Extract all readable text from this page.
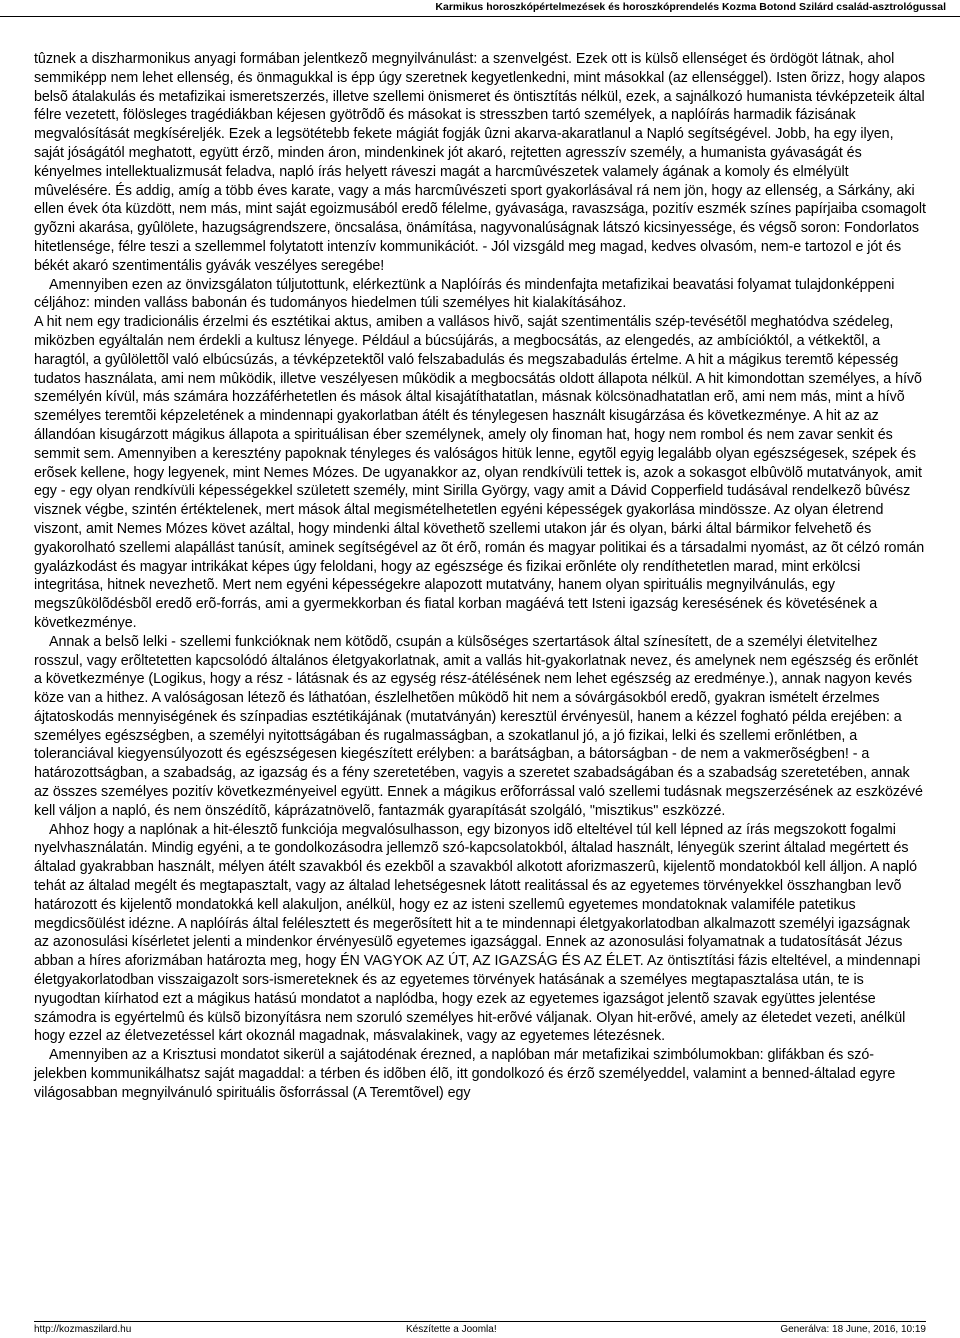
Karmikus horoszkópértelmezések és horoszkóprendelés Kozma Botond Szilárd család-asztrológussal

tûznek a diszharmonikus anyagi formában jelentkezõ megnyilvánulást: a szenvelgést. Ezek ott is külsõ ellenséget és ördögöt látnak, ahol semmiképp nem lehet ellenség, és önmagukkal is épp úgy szeretnek kegyetlenkedni, mint másokkal (az ellenséggel). Isten õrizz, hogy alapos belsõ átalakulás és metafizikai ismeretszerzés, illetve szellemi önismeret és öntisztítás nélkül, ezek, a sajnálkozó humanista tévképzeteik által félre vezetett, fölösleges tragédiákban kéjesen gyötrõdõ és másokat is stresszben tartó személyek, a naplóírás harmadik fázisának megvalósítását megkíséreljék. Ezek a legsötétebb fekete mágiát fogják ûzni akarva-akaratlanul a Napló segítségével. Jobb, ha egy ilyen, saját jóságától meghatott, együtt érzõ, minden áron, mindenkinek jót akaró, rejtetten agresszív személy, a humanista gyávaságát és kényelmes intellektualizmusát feladva, napló írás helyett ráveszi magát a harcmûvészetek valamely ágának a komoly és elmélyült mûvelésére. És addig, amíg a több éves karate, vagy a más harcmûvészeti sport gyakorlásával rá nem jön, hogy az ellenség, a Sárkány, aki ellen évek óta küzdött, nem más, mint saját egoizmusából eredõ félelme, gyávasága, ravaszsága, pozitív eszmék színes papírjaiba csomagolt gyõzni akarása, gyûlölete, hazugságrendszere, öncsalása, önámítása, nagyvonalúságnak látszó kicsinyessége, és végsõ soron: Fondorlatos hitetlensége, félre teszi a szellemmel folytatott intenzív kommunikációt. - Jól vizsgáld meg magad, kedves olvasóm, nem-e tartozol e jót és békét akaró szentimentális gyávák veszélyes seregébe!

Amennyiben ezen az önvizsgálaton túljutottunk, elérkeztünk a Naplóírás és mindenfajta metafizikai beavatási folyamat tulajdonképpeni céljához: minden valláss babonán és tudományos hiedelmen túli személyes hit kialakításához.

A hit nem egy tradicionális érzelmi és esztétikai aktus, amiben a vallásos hivõ, saját szentimentális szép-tevésétõl meghatódva szédeleg, miközben egyáltalán nem érdekli a kultusz lényege. Például a búcsújárás, a megbocsátás, az elengedés, az ambícióktól, a vétkektõl, a haragtól, a gyûlölettõl való elbúcsúzás, a tévképzetektõl való felszabadulás és megszabadulás értelme. A hit a mágikus teremtõ képesség tudatos használata, ami nem mûködik, illetve veszélyesen mûködik a megbocsátás oldott állapota nélkül. A hit kimondottan személyes, a hívõ személyén kívül, más számára hozzáférhetetlen és mások által kisajátíthatatlan, másnak kölcsönadhatatlan erõ, ami nem más, mint a hívõ személyes teremtõi képzeletének a mindennapi gyakorlatban átélt és ténylegesen használt kisugárzása és következménye. A hit az az állandóan kisugárzott mágikus állapota a spirituálisan éber személynek, amely oly finoman hat, hogy nem rombol és nem zavar senkit és semmit sem. Amennyiben a keresztény papoknak tényleges és valóságos hitük lenne, egytõl egyig legalább olyan egészségesek, szépek és erõsek kellene, hogy legyenek, mint Nemes Mózes. De ugyanakkor az, olyan rendkívüli tettek is, azok a sokasgot elbûvölõ mutatványok, amit egy - egy olyan rendkívüli képességekkel született személy, mint Sirilla György, vagy amit a Dávid Copperfield tudásával rendelkezõ bûvész visznek végbe, szintén értéktelenek, mert mások által megismételhetetlen egyéni képességek gyakorlása mindössze. Az olyan életrend viszont, amit Nemes Mózes követ azáltal, hogy mindenki által követhetõ szellemi utakon jár és olyan, bárki által bármikor felvehetõ és gyakorolható szellemi alapállást tanúsít, aminek segítségével az õt érõ, román és magyar politikai és a társadalmi nyomást, az õt célzó román gyalázkodást és magyar intrikákat képes úgy feloldani, hogy az egészsége és fizikai erõnléte oly rendíthetetlen marad, mint erkölcsi integritása, hitnek nevezhetõ. Mert nem egyéni képességekre alapozott mutatvány, hanem olyan spirituális megnyilvánulás, egy megszûkölõdésbõl eredõ erõ-forrás, ami a gyermekkorban és fiatal korban magáévá tett Isteni igazság keresésének és követésének a következménye.

Annak a belsõ lelki - szellemi funkcióknak nem kötõdõ, csupán a külsõséges szertartások által színesített, de a személyi életvitelhez rosszul, vagy erõltetetten kapcsolódó általános életgyakorlatnak, amit a vallás hit-gyakorlatnak nevez, és amelynek nem egészség és erõnlét a következménye (Logikus, hogy a rész - látásnak és az egység rész-átélésének nem lehet egészség az eredménye.), annak nagyon kevés köze van a hithez. A valóságosan létezõ és láthatóan, észlelhetõen mûködõ hit nem a sóvárgásokból eredõ, gyakran ismételt érzelmes ájtatoskodás mennyiségének és színpadias esztétikájának (mutatványán) keresztül érvényesül, hanem a kézzel fogható példa erejében: a személyes egészségben, a személyi nyitottságában és rugalmasságban, a szokatlanul jó, a jó fizikai, lelki és szellemi erõnlétben, a toleranciával kiegyensúlyozott és egészségesen kiegészített erélyben: a barátságban, a bátorságban - de nem a vakmerõségben! - a határozottságban, a szabadság, az igazság és a fény szeretetében, vagyis a szeretet szabadságában és a szabadság szeretetében, annak az összes személyes pozitív következményeivel együtt. Ennek a mágikus erõforrással való szellemi tudásnak megszerzésének az eszközévé kell váljon a napló, és nem önszédítõ, káprázatnövelõ, fantazmák gyarapítását szolgáló, "misztikus" eszközzé.

Ahhoz hogy a naplónak a hit-élesztõ funkciója megvalósulhasson, egy bizonyos idõ elteltével túl kell lépned az írás megszokott fogalmi nyelvhasználatán. Mindig egyéni, a te gondolkozásodra jellemzõ szó-kapcsolatokból, általad használt, lényegük szerint általad megértett és általad gyakrabban használt, mélyen átélt szavakból és ezekbõl a szavakból alkotott aforizmaszerû, kijelentõ mondatokból kell álljon. A napló tehát az általad megélt és megtapasztalt, vagy az általad lehetségesnek látott realitással és az egyetemes törvényekkel összhangban levõ határozott és kijelentõ mondatokká kell alakuljon, anélkül, hogy ez az isteni szellemû egyetemes mondatoknak valamiféle patetikus megdicsõülést idézne. A naplóírás által felélesztett és megerõsített hit a te mindennapi életgyakorlatodban alkalmazott személyi igazságnak az azonosulási kísérletet jelenti a mindenkor érvényesülõ egyetemes igazsággal. Ennek az azonosulási folyamatnak a tudatosítását Jézus abban a híres aforizmában határozta meg, hogy ÉN VAGYOK AZ ÚT, AZ IGAZSÁG ÉS AZ ÉLET. Az öntisztítási fázis elteltével, a mindennapi életgyakorlatodban visszaigazolt sors-ismereteknek és az egyetemes törvények hatásának a személyes megtapasztalása után, te is nyugodtan kiírhatod ezt a mágikus hatású mondatot a naplódba, hogy ezek az egyetemes igazságot jelentõ szavak együttes jelentése számodra is egyértelmû és külsõ bizonyításra nem szoruló személyes hit-erõvé váljanak. Olyan hit-erõvé, amely az életedet vezeti, anélkül hogy ezzel az életvezetéssel kárt okoznál magadnak, másvalakinek, vagy az egyetemes létezésnek.

Amennyiben az a Krisztusi mondatot sikerül a sajátodénak érezned, a naplóban már metafizikai szimbólumokban: glifákban és szó-jelekben kommunikálhatsz saját magaddal: a térben és idõben élõ, itt gondolkozó és érzõ személyeddel, valamint a benned-általad egyre világosabban megnyilvánuló spirituális õsforrással (A Teremtõvel) egy

http://kozmaszilard.hu	Készítette a Joomla!	Generálva: 18 June, 2016, 10:19
